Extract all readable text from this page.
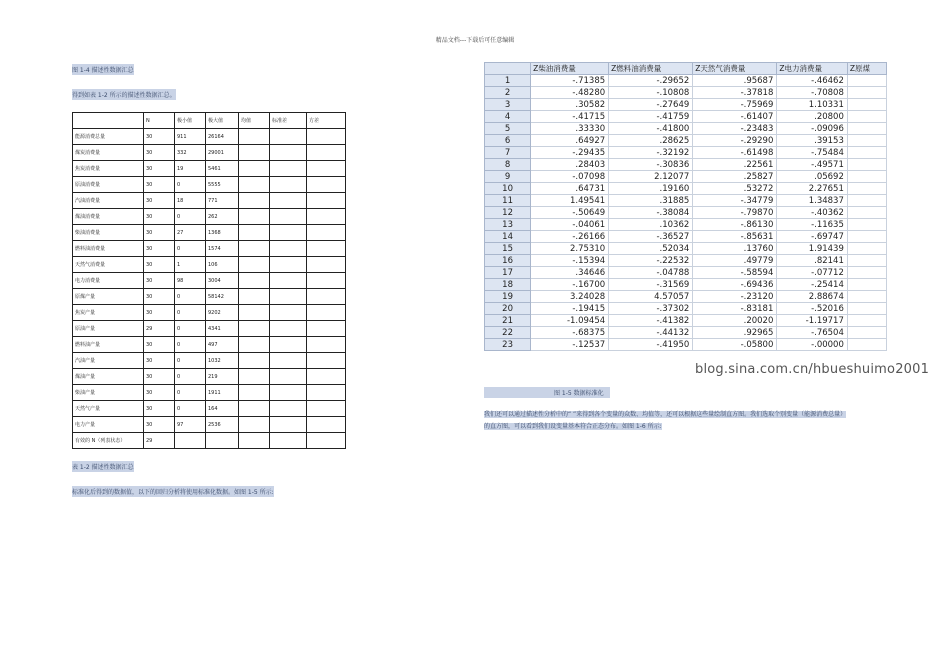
精品文档---下载后可任意编辑
图 1-4 描述性数据汇总
得到如表 1-2 所示的描述性数据汇总。
	N	极小值	极大值	均值	标准差	方差
能源消费总量	30	911	26164			
煤炭消费量	30	332	29001			
焦炭消费量	30	19	5461			
原油消费量	30	0	5555			
汽油消费量	30	18	771			
煤油消费量	30	0	262			
柴油消费量	30	27	1368			
燃料油消费量	30	0	1574			
天然气消费量	30	1	106			
电力消费量	30	98	3004			
原煤产量	30	0	58142			
焦炭产量	30	0	9202			
原油产量	29	0	4341			
燃料油产量	30	0	497			
汽油产量	30	0	1032			
煤油产量	30	0	219			
柴油产量	30	0	1911			
天然气产量	30	0	164			
电力产量	30	97	2536			
有效的 N（列表状态）	29					
表 1-2 描述性数据汇总
标准化后得到的数据值，以下的回归分析将使用标准化数据。如图 1-5 所示:
	Z柴油消费量	Z燃料油消费量	Z天然气消费量	Z电力消费量	Z原煤
1	-.71385	-.29652	.95687	-.46462	
2	-.48280	-.10808	-.37818	-.70808	
3	.30582	-.27649	-.75969	1.10331	
4	-.41715	-.41759	-.61407	.20800	
5	.33330	-.41800	-.23483	-.09096	
6	.64927	.28625	-.29290	.39153	
7	-.29435	-.32192	-.61498	-.75484	
8	.28403	-.30836	.22561	-.49571	
9	-.07098	2.12077	.25827	.05692	
10	.64731	.19160	.53272	2.27651	
11	1.49541	.31885	-.34779	1.34837	
12	-.50649	-.38084	-.79870	-.40362	
13	-.04061	.10362	-.86130	-.11635	
14	-.26166	-.36527	-.85631	-.69747	
15	2.75310	.52034	.13760	1.91439	
16	-.15394	-.22532	.49779	.82141	
17	.34646	-.04788	-.58594	-.07712	
18	-.16700	-.31569	-.69436	-.25414	
19	3.24028	4.57057	-.23120	2.88674	
20	-.19415	-.37302	-.83181	-.52016	
21	-1.09454	-.41382	.20020	-1.19717	
22	-.68375	-.44132	.92965	-.76504	
23	-.12537	-.41950	-.05800	-.00000	
blog.sina.com.cn/hbueshuimo2001
图 1-5 数据标准化
我们还可以通过描述性分析中的“ ”来得到各个变量的众数、均值等，还可以根据这些量绘制直方图。我们选取个别变量（能源消费总量）
的直方图，可以看到我们设变量基本符合正态分布。如图 1-6 所示:
